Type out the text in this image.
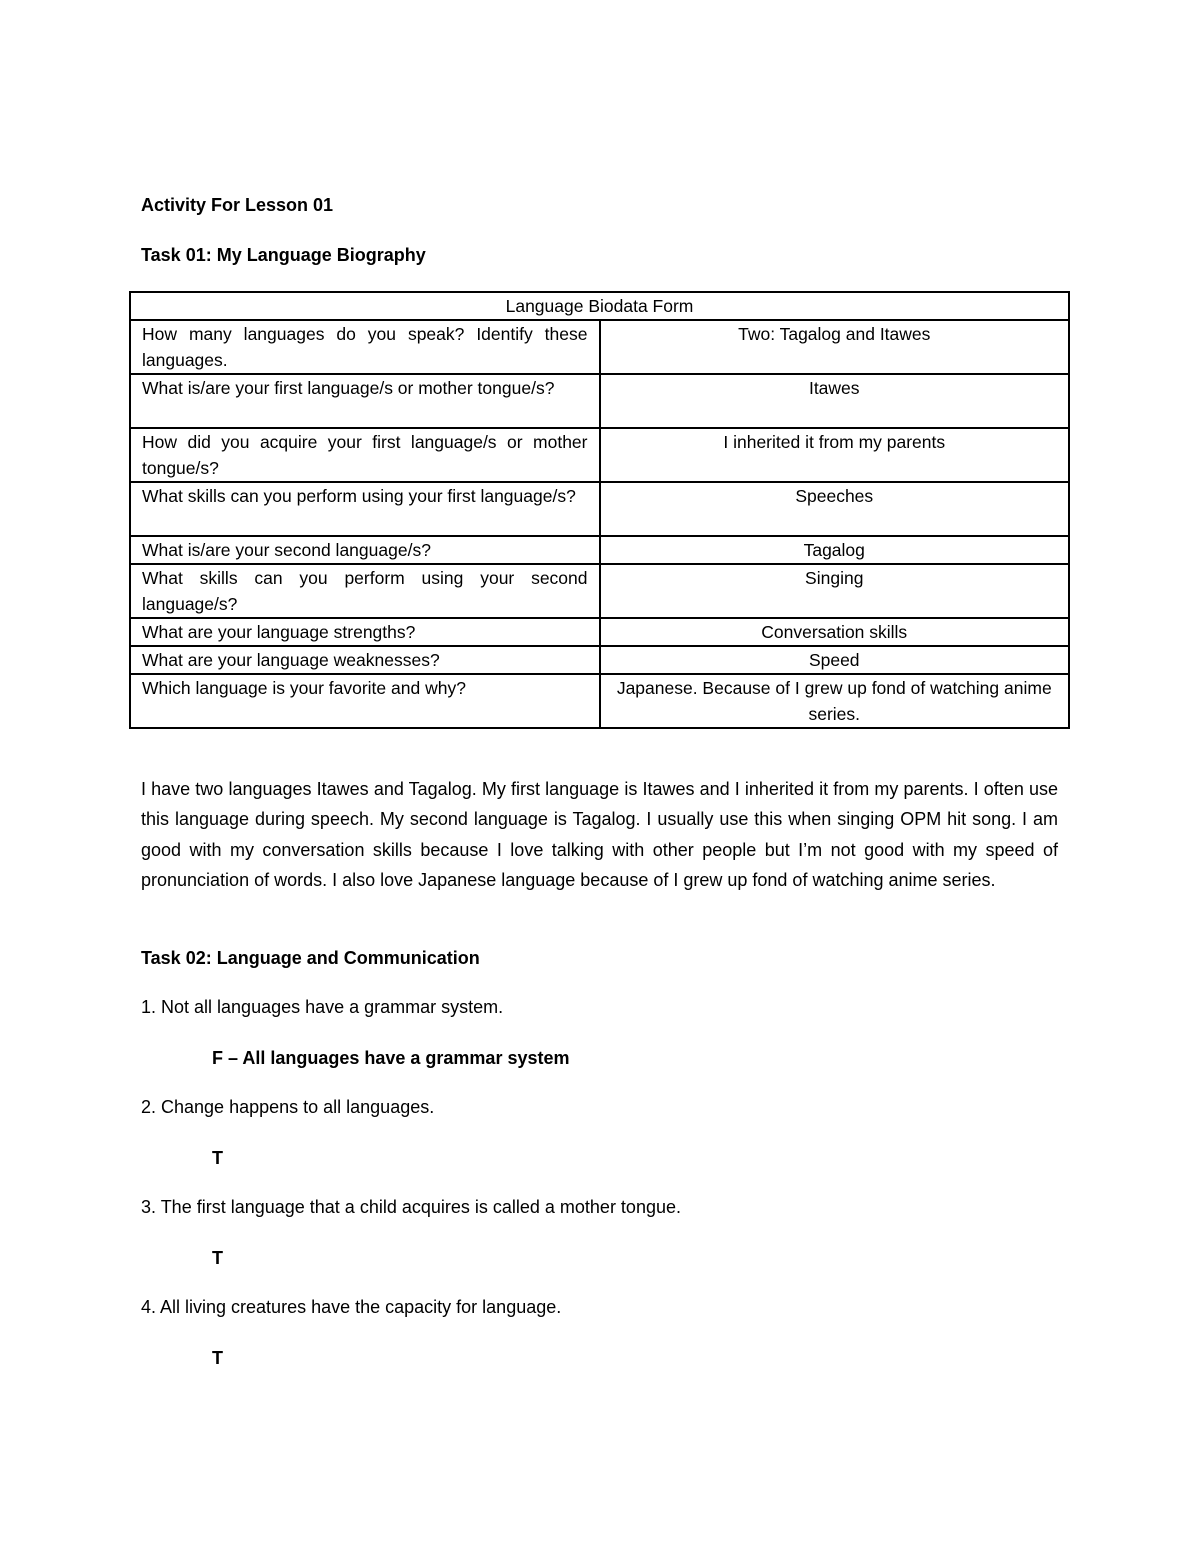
Activity For Lesson 01

Task 01: My Language Biography

Language Biodata Form	
How many languages do you speak? Identify these languages.	Two: Tagalog and Itawes
What is/are your first language/s or mother tongue/s?	Itawes
How did you acquire your first language/s or mother tongue/s?	I inherited it from my parents
What skills can you perform using your first language/s?	Speeches
What is/are your second language/s?	Tagalog
What skills can you perform using your second language/s?	Singing
What are your language strengths?	Conversation skills
What are your language weaknesses?	Speed
Which language is your favorite and why?	Japanese. Because of I grew up fond of watching anime series.

I have two languages Itawes and Tagalog. My first language is Itawes and I inherited it from my parents. I often use this language during speech. My second language is Tagalog. I usually use this when singing OPM hit song. I am good with my conversation skills because I love talking with other people but I’m not good with my speed of pronunciation of words. I also love Japanese language because of I grew up fond of watching anime series.

Task 02: Language and Communication

1. Not all languages have a grammar system.

F – All languages have a grammar system

2. Change happens to all languages.

T

3. The first language that a child acquires is called a mother tongue.

T

4. All living creatures have the capacity for language.

T
